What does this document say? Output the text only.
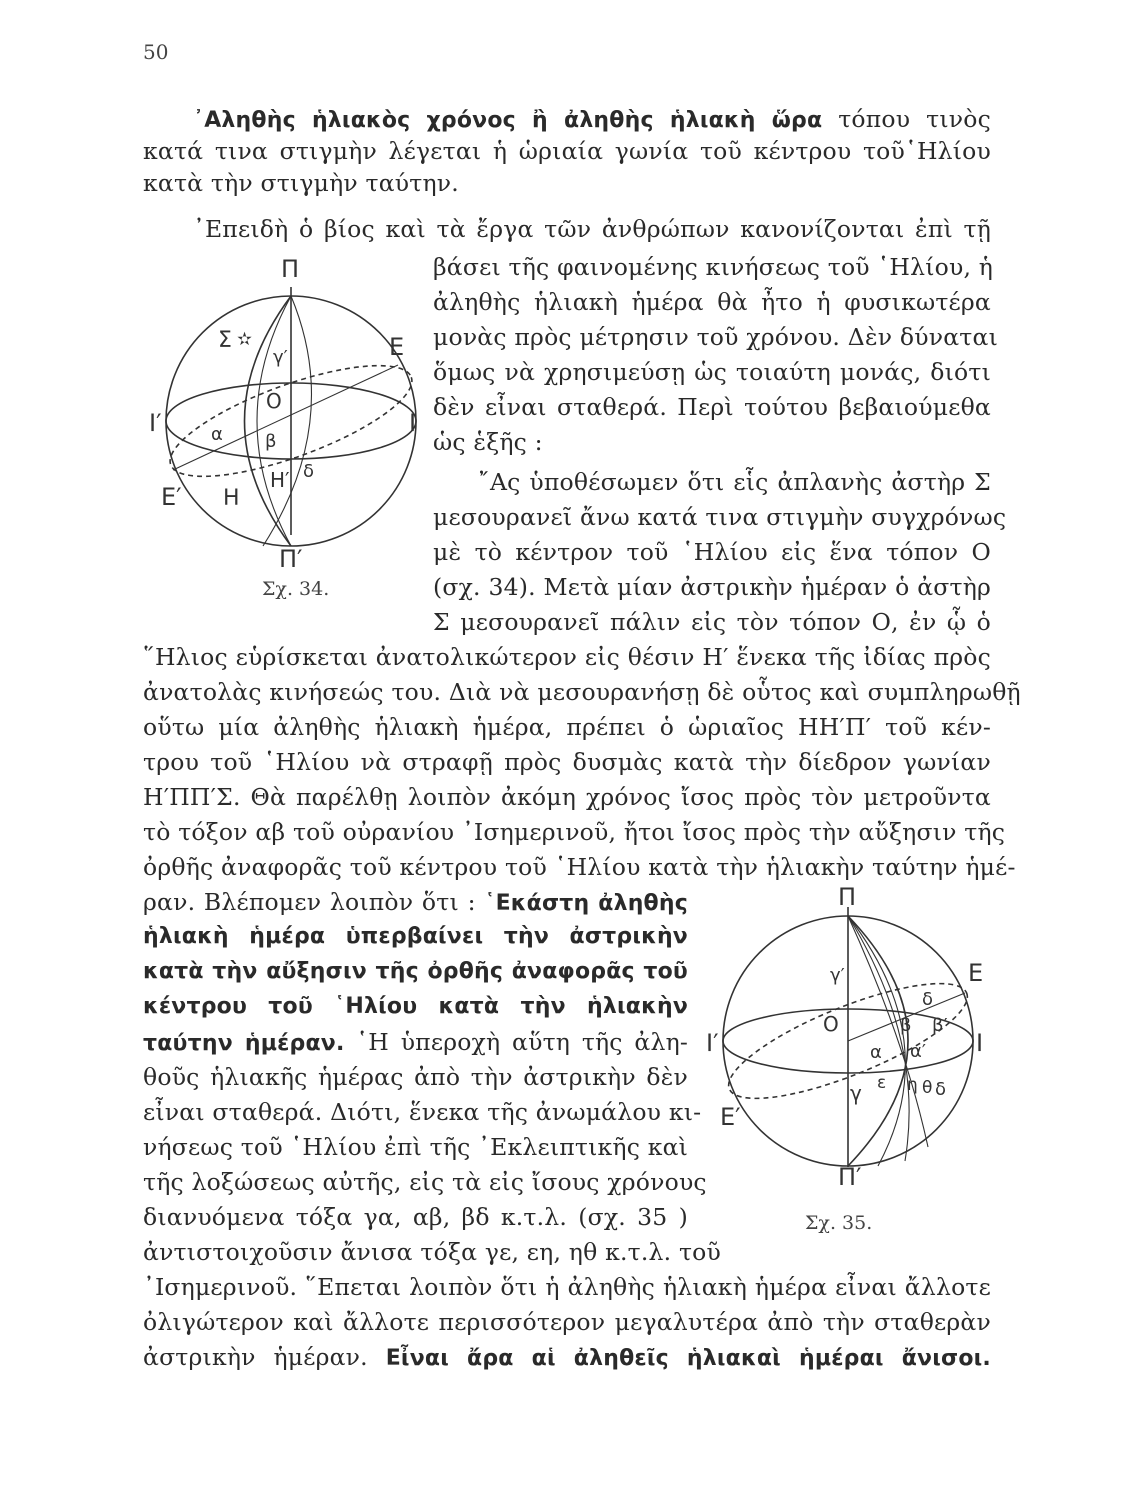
50
᾿Αληθὴς ἡλιακὸς χρόνος ἢ ἀληθὴς ἡλιακὴ ὥρα τόπου τινὸς
κατά τινα στιγμὴν λέγεται ἡ ὡριαία γωνία τοῦ κέντρου τοῦ῾Ηλίου
κατὰ τὴν στιγμὴν ταύτην.
᾿Επειδὴ ὁ βίος καὶ τὰ ἔργα τῶν ἀνθρώπων κανονίζονται ἐπὶ τῇ
βάσει τῆς φαινομένης κινήσεως τοῦ ῾Ηλίου, ἡ
ἀληθὴς ἡλιακὴ ἡμέρα θὰ ἦτο ἡ φυσικωτέρα
μονὰς πρὸς μέτρησιν τοῦ χρόνου. Δὲν δύναται
ὅμως νὰ χρησιμεύσῃ ὡς τοιαύτη μονάς, διότι
δὲν εἶναι σταθερά. Περὶ τούτου βεβαιούμεθα
ὡς ἑξῆς :
῎Ας ὑποθέσωμεν ὅτι εἷς ἀπλανὴς ἀστὴρ Σ
μεσουρανεῖ ἄνω κατά τινα στιγμὴν συγχρόνως
μὲ τὸ κέντρον τοῦ ῾Ηλίου εἰς ἕνα τόπον Ο
(σχ. 34). Μετὰ μίαν ἀστρικὴν ἡμέραν ὁ ἀστὴρ
Σ μεσουρανεῖ πάλιν εἰς τὸν τόπον Ο, ἐν ᾧ ὁ
῞Ηλιος εὑρίσκεται ἀνατολικώτερον εἰς θέσιν Η′ ἕνεκα τῆς ἰδίας πρὸς
ἀνατολὰς κινήσεώς του. Διὰ νὰ μεσουρανήσῃ δὲ οὗτος καὶ συμπληρωθῇ
οὕτω μία ἀληθὴς ἡλιακὴ ἡμέρα, πρέπει ὁ ὡριαῖος ΗΗ′Π′ τοῦ κέν-
τρου τοῦ ῾Ηλίου νὰ στραφῇ πρὸς δυσμὰς κατὰ τὴν δίεδρον γωνίαν
Η′ΠΠ′Σ. Θὰ παρέλθῃ λοιπὸν ἀκόμη χρόνος ἴσος πρὸς τὸν μετροῦντα
τὸ τόξον αβ τοῦ οὐρανίου ᾿Ισημερινοῦ, ἤτοι ἴσος πρὸς τὴν αὔξησιν τῆς
ὀρθῆς ἀναφορᾶς τοῦ κέντρου τοῦ ῾Ηλίου κατὰ τὴν ἡλιακὴν ταύτην ἡμέ-
ραν. Βλέπομεν λοιπὸν ὅτι : ῾Εκάστη ἀληθὴς
ἡλιακὴ ἡμέρα ὑπερβαίνει τὴν ἀστρικὴν
κατὰ τὴν αὔξησιν τῆς ὀρθῆς ἀναφορᾶς τοῦ
κέντρου τοῦ ῾Ηλίου κατὰ τὴν ἡλιακὴν
ταύτην ἡμέραν. ῾Η ὑπεροχὴ αὕτη τῆς ἀλη-
θοῦς ἡλιακῆς ἡμέρας ἀπὸ τὴν ἀστρικὴν δὲν
εἶναι σταθερά. Διότι, ἕνεκα τῆς ἀνωμάλου κι-
νήσεως τοῦ ῾Ηλίου ἐπὶ τῆς ᾿Εκλειπτικῆς καὶ
τῆς λοξώσεως αὐτῆς, εἰς τὰ εἰς ἴσους χρόνους
διανυόμενα τόξα γα, αβ, βδ κ.τ.λ. (σχ. 35 )
ἀντιστοιχοῦσιν ἄνισα τόξα γε, εη, ηθ κ.τ.λ. τοῦ
᾿Ισημερινοῦ. ῞Επεται λοιπὸν ὅτι ἡ ἀληθὴς ἡλιακὴ ἡμέρα εἶναι ἄλλοτε
ὀλιγώτερον καὶ ἄλλοτε περισσότερον μεγαλυτέρα ἀπὸ τὴν σταθερὰν
ἀστρικὴν ἡμέραν. Εἶναι ἄρα αἱ ἀληθεῖς ἡλιακαὶ ἡμέραι ἄνισοι.
Π
Π′
Σ ✫	Ε
Ε′
Ι
Ι′
Ο
γ′
α β
Η
Η′ δ
Σχ. 34.
Π
Π′
Ε
Ε′
Ι
Ι′
Ο
γ′
γ
δ
δ
β β′
α α′
ε η θ
Σχ. 35.
